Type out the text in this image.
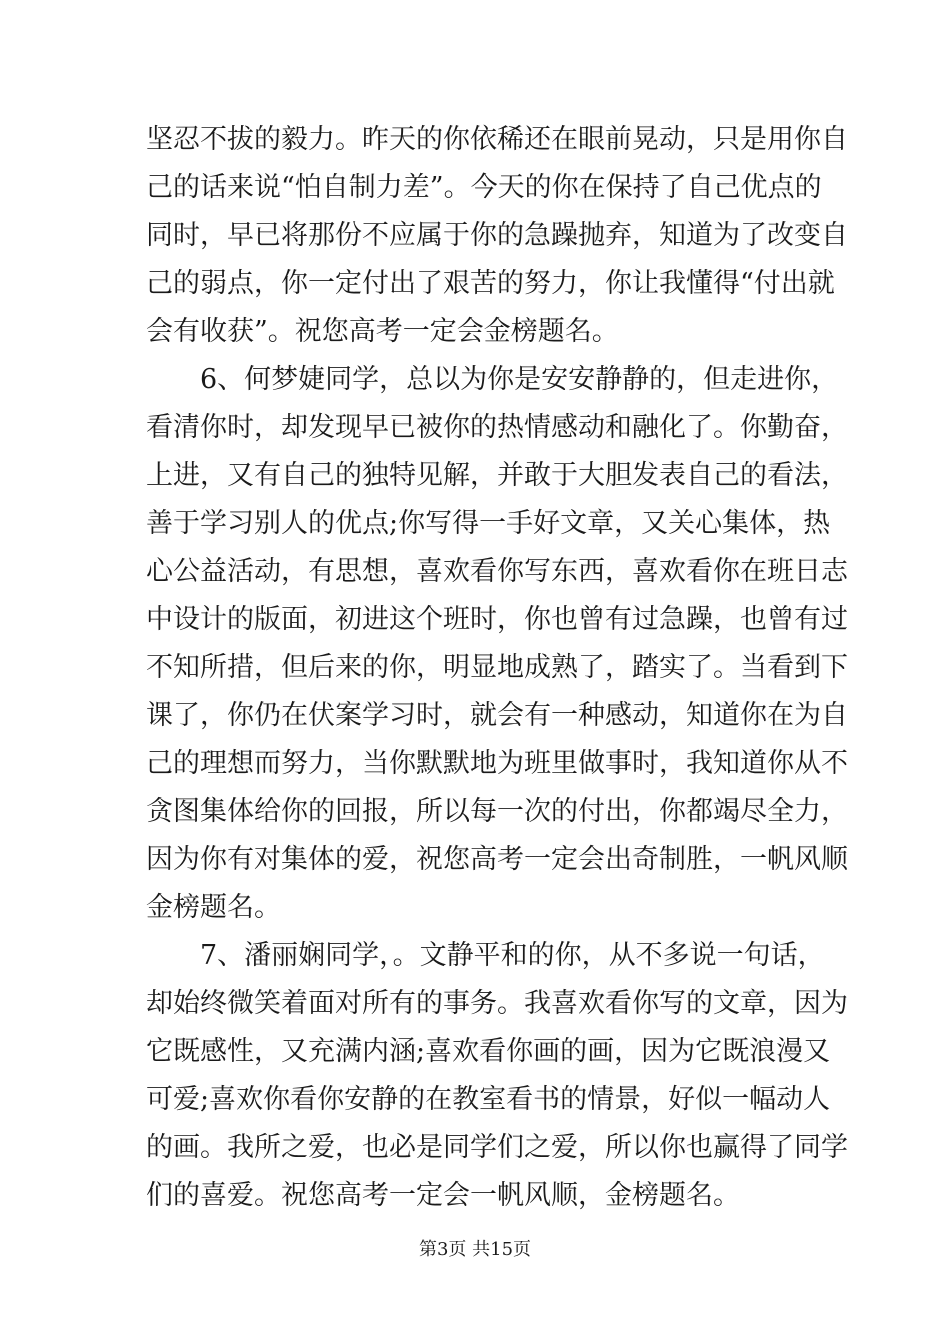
坚忍不拔的毅力。昨天的你依稀还在眼前晃动，只是用你自
己的话来说“怕自制力差”。今天的你在保持了自己优点的
同时，早已将那份不应属于你的急躁抛弃，知道为了改变自
己的弱点，你一定付出了艰苦的努力，你让我懂得“付出就
会有收获”。祝您高考一定会金榜题名。
6、何梦婕同学，总以为你是安安静静的，但走进你，
看清你时，却发现早已被你的热情感动和融化了。你勤奋，
上进，又有自己的独特见解，并敢于大胆发表自己的看法，
善于学习别人的优点;你写得一手好文章，又关心集体，热
心公益活动，有思想，喜欢看你写东西，喜欢看你在班日志
中设计的版面，初进这个班时，你也曾有过急躁，也曾有过
不知所措，但后来的你，明显地成熟了，踏实了。当看到下
课了，你仍在伏案学习时，就会有一种感动，知道你在为自
己的理想而努力，当你默默地为班里做事时，我知道你从不
贪图集体给你的回报，所以每一次的付出，你都竭尽全力，
因为你有对集体的爱，祝您高考一定会出奇制胜，一帆风顺
金榜题名。
7、潘丽娴同学，。文静平和的你，从不多说一句话，
却始终微笑着面对所有的事务。我喜欢看你写的文章，因为
它既感性，又充满内涵;喜欢看你画的画，因为它既浪漫又
可爱;喜欢你看你安静的在教室看书的情景，好似一幅动人
的画。我所之爱，也必是同学们之爱，所以你也赢得了同学
们的喜爱。祝您高考一定会一帆风顺，金榜题名。
第3页 共15页
